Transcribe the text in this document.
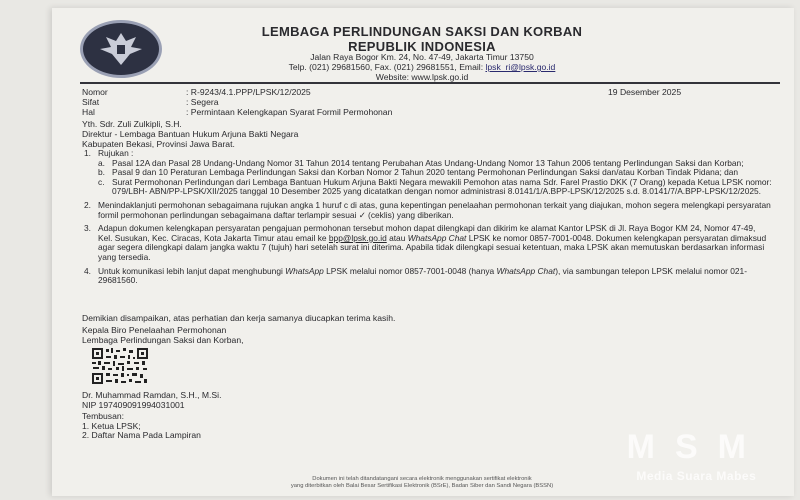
LEMBAGA PERLINDUNGAN SAKSI DAN KORBAN
REPUBLIK INDONESIA
Jalan Raya Bogor Km. 24, No. 47-49, Jakarta Timur 13750
Telp. (021) 29681560, Fax. (021) 29681551, Email: lpsk_ri@lpsk.go.id
Website: www.lpsk.go.id
Nomor	: R-9243/4.1.PPP/LPSK/12/2025
Sifat	: Segera
Hal	: Permintaan Kelengkapan Syarat Formil Permohonan
19 Desember 2025
Yth. Sdr. Zuli Zulkipli, S.H.
Direktur - Lembaga Bantuan Hukum Arjuna Bakti Negara
Kabupaten Bekasi, Provinsi Jawa Barat.
1. Rujukan :
a. Pasal 12A dan Pasal 28 Undang-Undang Nomor 31 Tahun 2014 tentang Perubahan Atas Undang-Undang Nomor 13 Tahun 2006 tentang Perlindungan Saksi dan Korban;
b. Pasal 9 dan 10 Peraturan Lembaga Perlindungan Saksi dan Korban Nomor 2 Tahun 2020 tentang Permohonan Perlindungan Saksi dan/atau Korban Tindak Pidana; dan
c. Surat Permohonan Perlindungan dari Lembaga Bantuan Hukum Arjuna Bakti Negara mewakili Pemohon atas nama Sdr. Farel Prastio DKK (7 Orang) kepada Ketua LPSK nomor: 079/LBH- ABN/PP-LPSK/XII/2025 tanggal 10 Desember 2025 yang dicatatkan dengan nomor administrasi 8.0141/1/A.BPP-LPSK/12/2025 s.d. 8.0141/7/A.BPP-LPSK/12/2025.
2. Menindaklanjuti permohonan sebagaimana rujukan angka 1 huruf c di atas, guna kepentingan penelaahan permohonan terkait yang diajukan, mohon segera melengkapi persyaratan formil permohonan perlindungan sebagaimana daftar terlampir sesuai ✓ (ceklis) yang diberikan.
3. Adapun dokumen kelengkapan persyaratan pengajuan permohonan tersebut mohon dapat dilengkapi dan dikirim ke alamat Kantor LPSK di Jl. Raya Bogor KM 24, Nomor 47-49, Kel. Susukan, Kec. Ciracas, Kota Jakarta Timur atau email ke bpp@lpsk.go.id atau WhatsApp Chat LPSK ke nomor 0857-7001-0048. Dokumen kelengkapan persyaratan dimaksud agar segera dilengkapi dalam jangka waktu 7 (tujuh) hari setelah surat ini diterima. Apabila tidak dilengkapi sesuai ketentuan, maka LPSK akan memutuskan berdasarkan informasi yang tersedia.
4. Untuk komunikasi lebih lanjut dapat menghubungi WhatsApp LPSK melalui nomor 0857-7001-0048 (hanya WhatsApp Chat), via sambungan telepon LPSK melalui nomor 021-29681560.
Demikian disampaikan, atas perhatian dan kerja samanya diucapkan terima kasih.
Kepala Biro Penelaahan Permohonan
Lembaga Perlindungan Saksi dan Korban,
Dr. Muhammad Ramdan, S.H., M.Si.
NIP 197409091994031001
Tembusan:
1. Ketua LPSK;
2. Daftar Nama Pada Lampiran
Dokumen ini telah ditandatangani secara elektronik menggunakan sertifikat elektronik
yang diterbitkan oleh Balai Besar Sertifikasi Elektronik (BSrE), Badan Siber dan Sandi Negara (BSSN)
MSM
Media Suara Mabes
